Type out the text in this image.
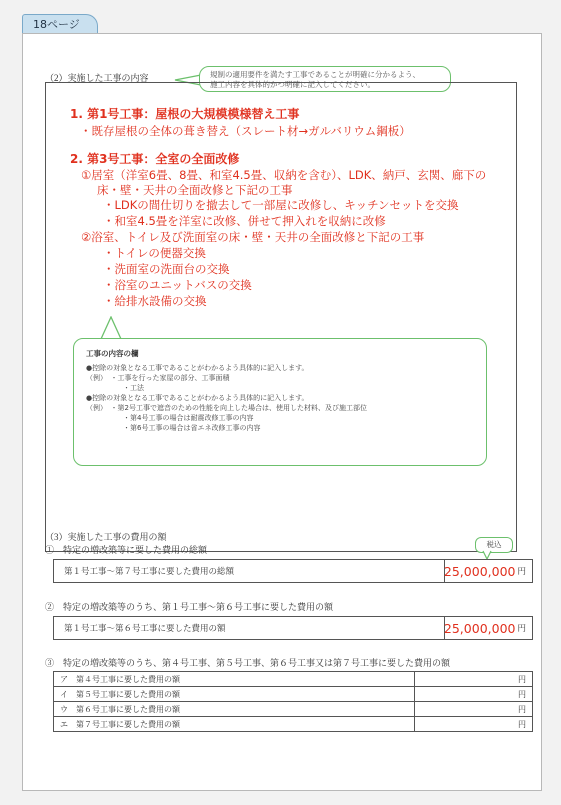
18ページ
（2）実施した工事の内容	規制の適用要件を満たす工事であることが明確に分かるよう、
施工内容を具体的かつ明確に記入してください。
1. 第1号工事：屋根の大規模模様替え工事
・既存屋根の全体の葺き替え（スレート材→ガルバリウム鋼板）
2. 第3号工事：全室の全面改修
①居室（洋室6畳、8畳、和室4.5畳、収納を含む）、LDK、納戸、玄関、廊下の
床・壁・天井の全面改修と下記の工事
・LDKの間仕切りを撤去して一部屋に改修し、キッチンセットを交換
・和室4.5畳を洋室に改修、併せて押入れを収納に改修
②浴室、トイレ及び洗面室の床・壁・天井の全面改修と下記の工事
・トイレの便器交換
・洗面室の洗面台の交換
・浴室のユニットバスの交換
・給排水設備の交換
工事の内容の欄
●控除の対象となる工事であることがわかるよう具体的に記入します。
（例）　・工事を行った家屋の部分、工事面積
・工法
●控除の対象となる工事であることがわかるよう具体的に記入します。
（例）　・第2号工事で遮音のための性能を向上した場合は、使用した材料、及び施工部位
・第4号工事の場合は耐震改修工事の内容
・第6号工事の場合は省エネ改修工事の内容
（3）実施した工事の費用の額
①　特定の増改築等に要した費用の総額
税込
第１号工事〜第７号工事に要した費用の総額	25,000,000 円
②　特定の増改築等のうち、第１号工事〜第６号工事に要した費用の額
第１号工事〜第６号工事に要した費用の額	25,000,000 円
③　特定の増改築等のうち、第４号工事、第５号工事、第６号工事又は第７号工事に要した費用の額
ア　第４号工事に要した費用の額	円
イ　第５号工事に要した費用の額	円
ウ　第６号工事に要した費用の額	円
エ　第７号工事に要した費用の額	円
